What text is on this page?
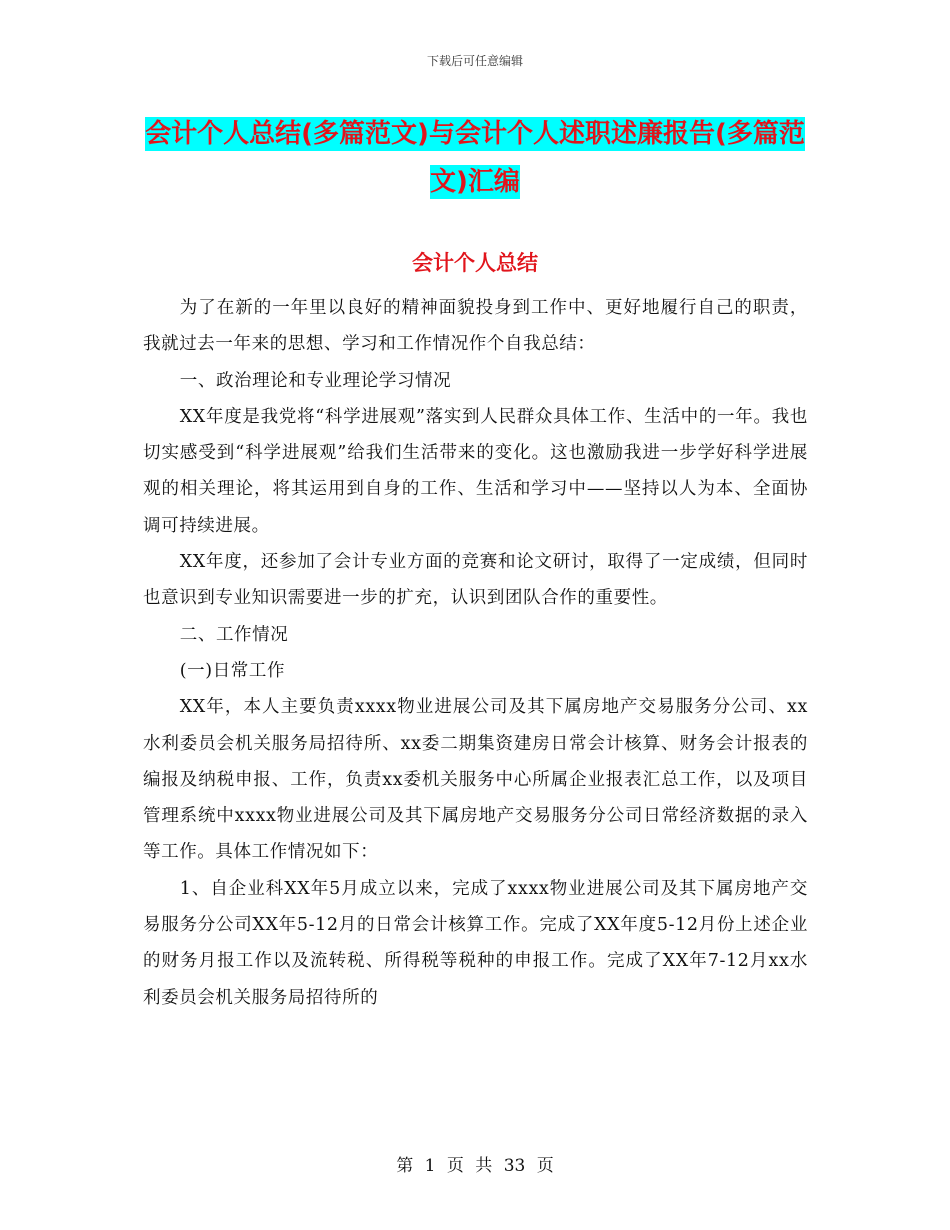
下载后可任意编辑
会计个人总结(多篇范文)与会计个人述职述廉报告(多篇范文)汇编
会计个人总结

为了在新的一年里以良好的精神面貌投身到工作中、更好地履行自己的职责，我就过去一年来的思想、学习和工作情况作个自我总结：

一、政治理论和专业理论学习情况

XX年度是我党将“科学进展观”落实到人民群众具体工作、生活中的一年。我也切实感受到“科学进展观”给我们生活带来的变化。这也激励我进一步学好科学进展观的相关理论，将其运用到自身的工作、生活和学习中——坚持以人为本、全面协调可持续进展。

XX年度，还参加了会计专业方面的竞赛和论文研讨，取得了一定成绩，但同时也意识到专业知识需要进一步的扩充，认识到团队合作的重要性。

二、工作情况

(一)日常工作

XX年，本人主要负责xxxx物业进展公司及其下属房地产交易服务分公司、xx水利委员会机关服务局招待所、xx委二期集资建房日常会计核算、财务会计报表的编报及纳税申报、工作，负责xx委机关服务中心所属企业报表汇总工作，以及项目管理系统中xxxx物业进展公司及其下属房地产交易服务分公司日常经济数据的录入等工作。具体工作情况如下：

1、自企业科XX年5月成立以来，完成了xxxx物业进展公司及其下属房地产交易服务分公司XX年5-12月的日常会计核算工作。完成了XX年度5-12月份上述企业的财务月报工作以及流转税、所得税等税种的申报工作。完成了XX年7-12月xx水利委员会机关服务局招待所的

第 1 页 共 33 页
